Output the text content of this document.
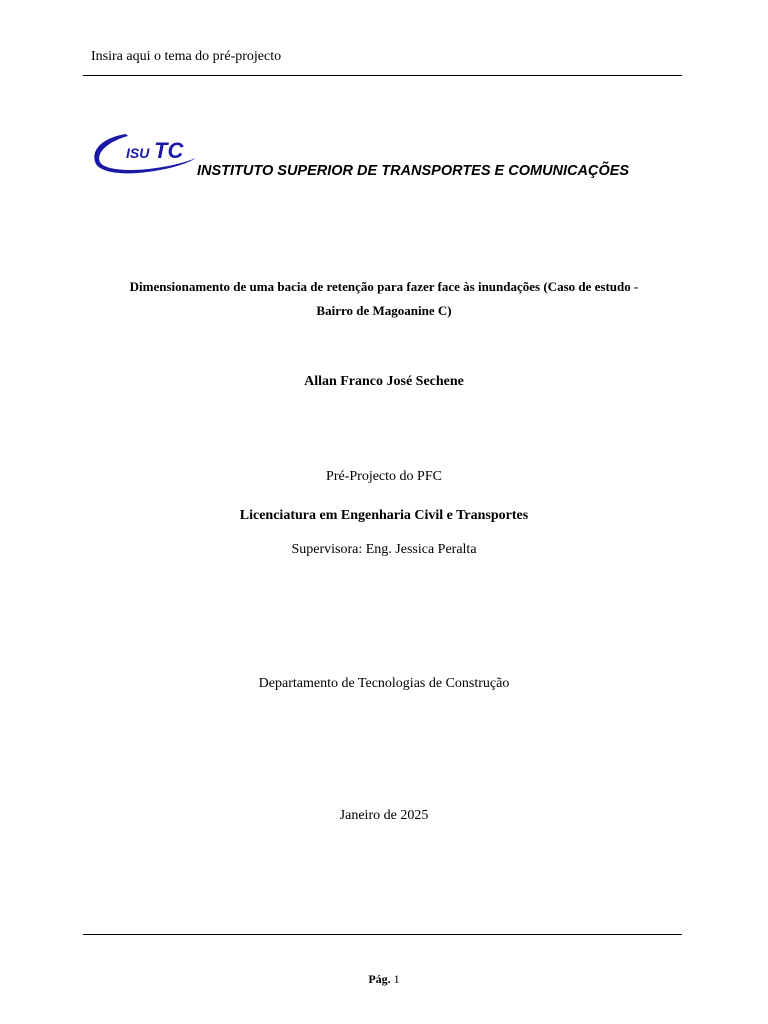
Insira aqui o tema do pré-projecto
ISU TC
INSTITUTO SUPERIOR DE TRANSPORTES E COMUNICAÇÕES
Dimensionamento de uma bacia de retenção para fazer face às inundações (Caso de estudo -
Bairro de Magoanine C)
Allan Franco José Sechene
Pré-Projecto do PFC
Licenciatura em Engenharia Civil e Transportes
Supervisora: Eng. Jessica Peralta
Departamento de Tecnologias de Construção
Janeiro de 2025
Pág. 1
